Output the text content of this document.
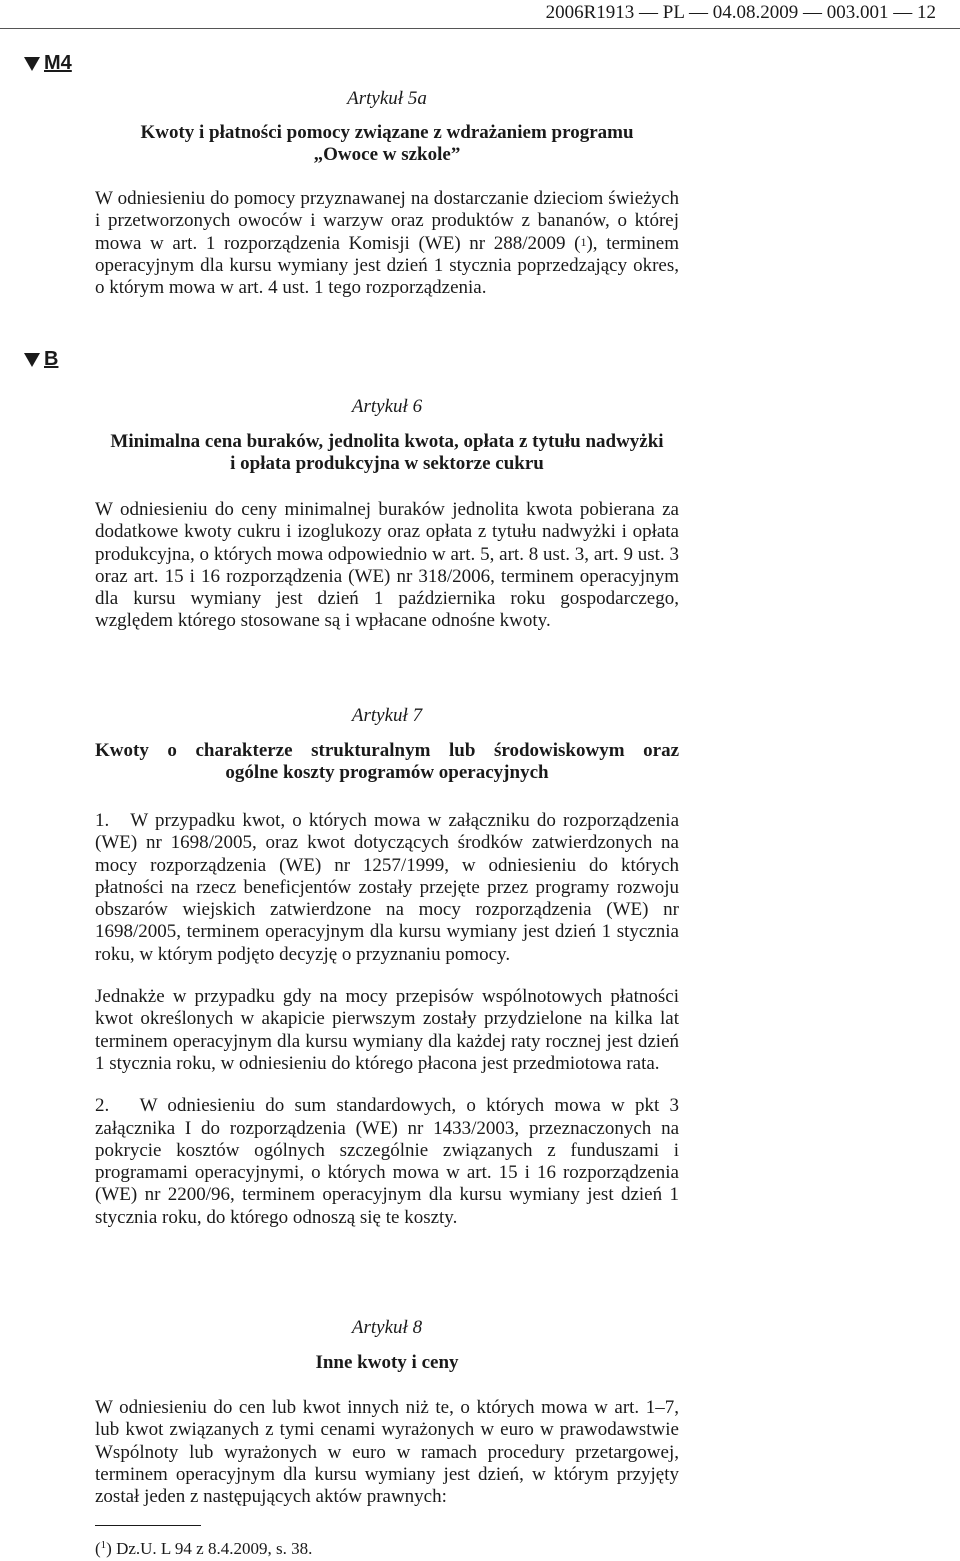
2006R1913 — PL — 04.08.2009 — 003.001 — 12
M4
B
Artykuł 5a
Kwoty i płatności pomocy związane z wdrażaniem programu
„Owoce w szkole”
W odniesieniu do pomocy przyznawanej na dostarczanie dzieciom świeżych i przetworzonych owoców i warzyw oraz produktów z bananów, o której mowa w art. 1 rozporządzenia Komisji (WE) nr 288/2009 ($^1$), terminem operacyjnym dla kursu wymiany jest dzień 1 stycznia poprzedzający okres, o którym mowa w art. 4 ust. 1 tego rozporządzenia.
Artykuł 6
Minimalna cena buraków, jednolita kwota, opłata z tytułu nadwyżki
i opłata produkcyjna w sektorze cukru
W odniesieniu do ceny minimalnej buraków jednolita kwota pobierana za dodatkowe kwoty cukru i izoglukozy oraz opłata z tytułu nadwyżki i opłata produkcyjna, o których mowa odpowiednio w art. 5, art. 8 ust. 3, art. 9 ust. 3 oraz art. 15 i 16 rozporządzenia (WE) nr 318/2006, terminem operacyjnym dla kursu wymiany jest dzień 1 października roku gospodarczego, względem którego stosowane są i wpłacane odnośne kwoty.
Artykuł 7
Kwoty o charakterze strukturalnym lub środowiskowym oraz
ogólne koszty programów operacyjnych
1.   W przypadku kwot, o których mowa w załączniku do rozporządzenia (WE) nr 1698/2005, oraz kwot dotyczących środków zatwierdzonych na mocy rozporządzenia (WE) nr 1257/1999, w odniesieniu do których płatności na rzecz beneficjentów zostały przejęte przez programy rozwoju obszarów wiejskich zatwierdzone na mocy rozporządzenia (WE) nr 1698/2005, terminem operacyjnym dla kursu wymiany jest dzień 1 stycznia roku, w którym podjęto decyzję o przyznaniu pomocy.
Jednakże w przypadku gdy na mocy przepisów wspólnotowych płatności kwot określonych w akapicie pierwszym zostały przydzielone na kilka lat terminem operacyjnym dla kursu wymiany dla każdej raty rocznej jest dzień 1 stycznia roku, w odniesieniu do którego płacona jest przedmiotowa rata.
2.   W odniesieniu do sum standardowych, o których mowa w pkt 3 załącznika I do rozporządzenia (WE) nr 1433/2003, przeznaczonych na pokrycie kosztów ogólnych szczególnie związanych z funduszami i programami operacyjnymi, o których mowa w art. 15 i 16 rozporządzenia (WE) nr 2200/96, terminem operacyjnym dla kursu wymiany jest dzień 1 stycznia roku, do którego odnoszą się te koszty.
Artykuł 8
Inne kwoty i ceny
W odniesieniu do cen lub kwot innych niż te, o których mowa w art. 1–7, lub kwot związanych z tymi cenami wyrażonych w euro w prawodawstwie Wspólnoty lub wyrażonych w euro w ramach procedury przetargowej, terminem operacyjnym dla kursu wymiany jest dzień, w którym przyjęty został jeden z następujących aktów prawnych:
($^1$) Dz.U. L 94 z 8.4.2009, s. 38.
